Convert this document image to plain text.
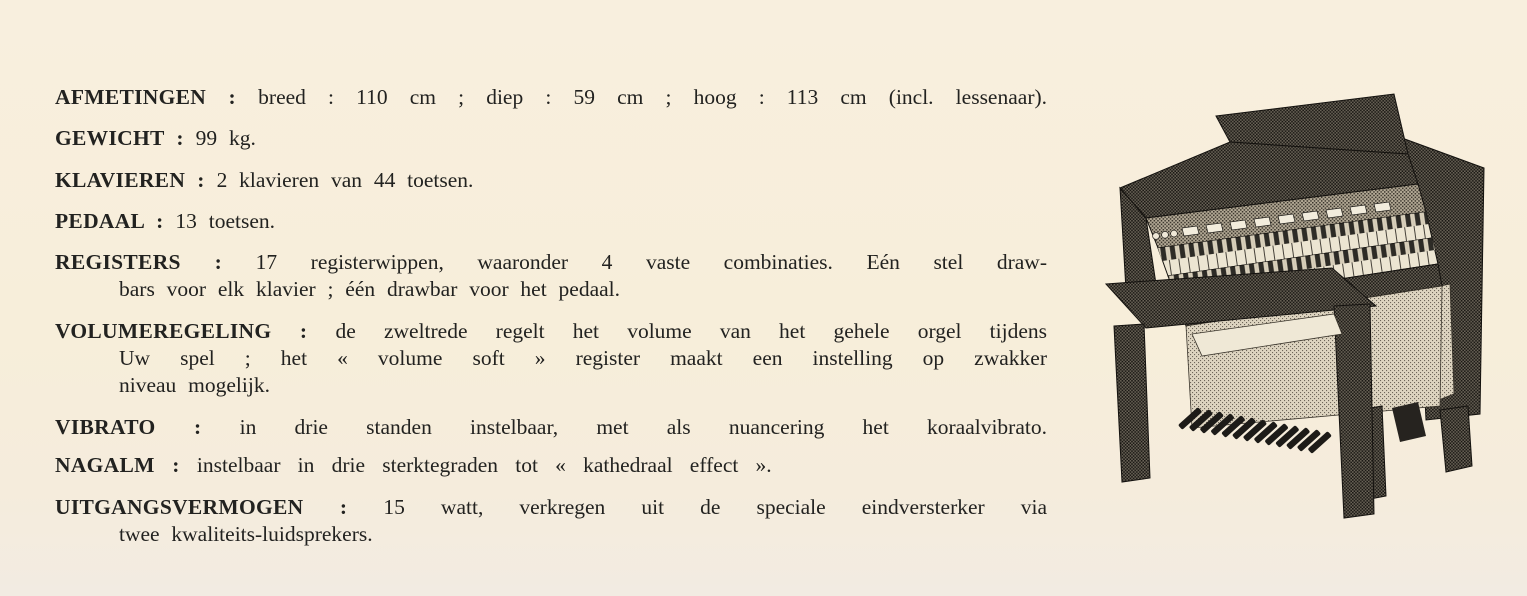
AFMETINGEN : breed : 110 cm ; diep : 59 cm ; hoog : 113 cm (incl. lessenaar).
GEWICHT : 99 kg.
KLAVIEREN : 2 klavieren van 44 toetsen.
PEDAAL : 13 toetsen.
REGISTERS : 17 registerwippen, waaronder 4 vaste combinaties. Eén stel draw-
bars voor elk klavier ; één drawbar voor het pedaal.
VOLUMEREGELING : de zweltrede regelt het volume van het gehele orgel tijdens
Uw spel ; het « volume soft » register maakt een instelling op zwakker
niveau mogelijk.
VIBRATO : in drie standen instelbaar, met als nuancering het koraalvibrato.
NAGALM : instelbaar in drie sterktegraden tot « kathedraal effect ».
UITGANGSVERMOGEN : 15 watt, verkregen uit de speciale eindversterker via
twee kwaliteits-luidsprekers.
